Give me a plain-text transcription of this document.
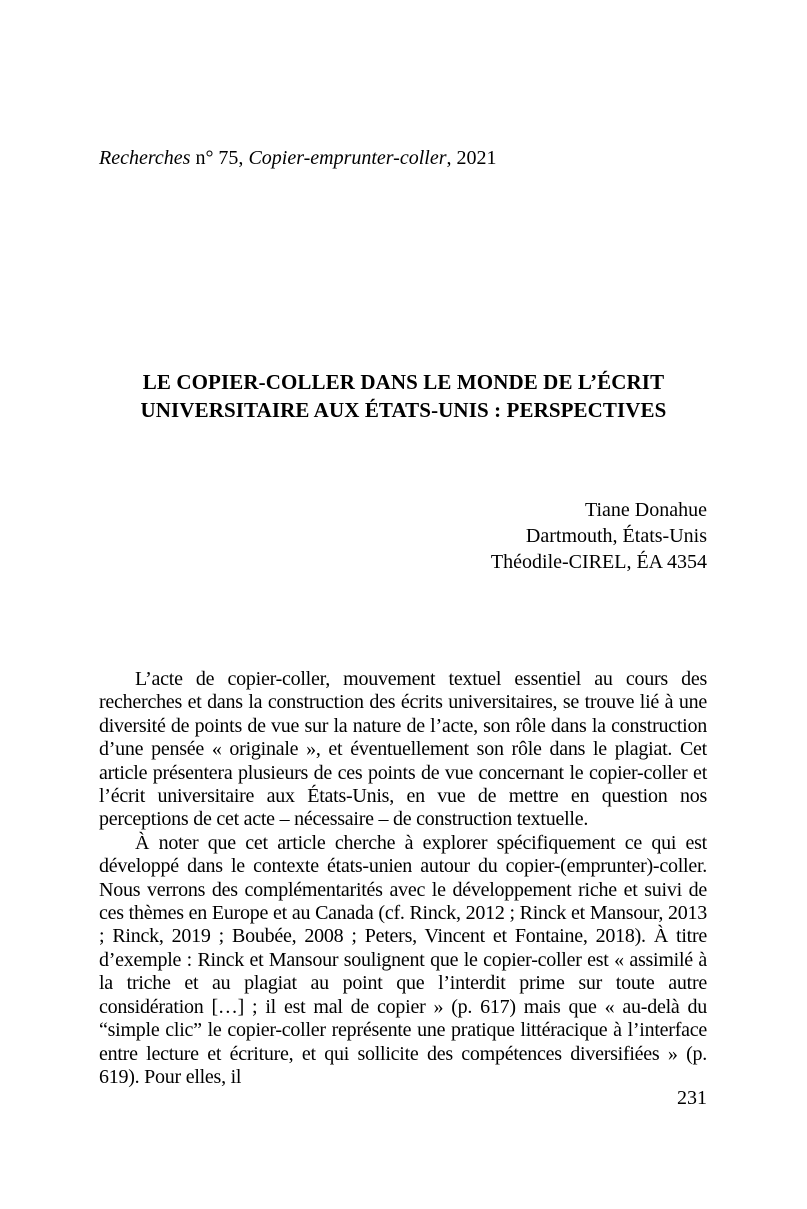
Recherches n° 75, Copier-emprunter-coller, 2021
LE COPIER-COLLER DANS LE MONDE DE L’ÉCRIT
UNIVERSITAIRE AUX ÉTATS-UNIS : PERSPECTIVES
Tiane Donahue
Dartmouth, États-Unis
Théodile-CIREL, ÉA 4354

L’acte de copier-coller, mouvement textuel essentiel au cours des recherches et dans la construction des écrits universitaires, se trouve lié à une diversité de points de vue sur la nature de l’acte, son rôle dans la construction d’une pensée « originale », et éventuellement son rôle dans le plagiat. Cet article présentera plusieurs de ces points de vue concernant le copier-coller et l’écrit universitaire aux États-Unis, en vue de mettre en question nos perceptions de cet acte – nécessaire – de construction textuelle.

À noter que cet article cherche à explorer spécifiquement ce qui est développé dans le contexte états-unien autour du copier-(emprunter)-coller. Nous verrons des complémentarités avec le développement riche et suivi de ces thèmes en Europe et au Canada (cf. Rinck, 2012 ; Rinck et Mansour, 2013 ; Rinck, 2019 ; Boubée, 2008 ; Peters, Vincent et Fontaine, 2018). À titre d’exemple : Rinck et Mansour soulignent que le copier-coller est « assimilé à la triche et au plagiat au point que l’interdit prime sur toute autre considération […] ; il est mal de copier » (p. 617) mais que « au-delà du “simple clic” le copier-coller représente une pratique littéracique à l’interface entre lecture et écriture, et qui sollicite des compétences diversifiées » (p. 619). Pour elles, il

231
